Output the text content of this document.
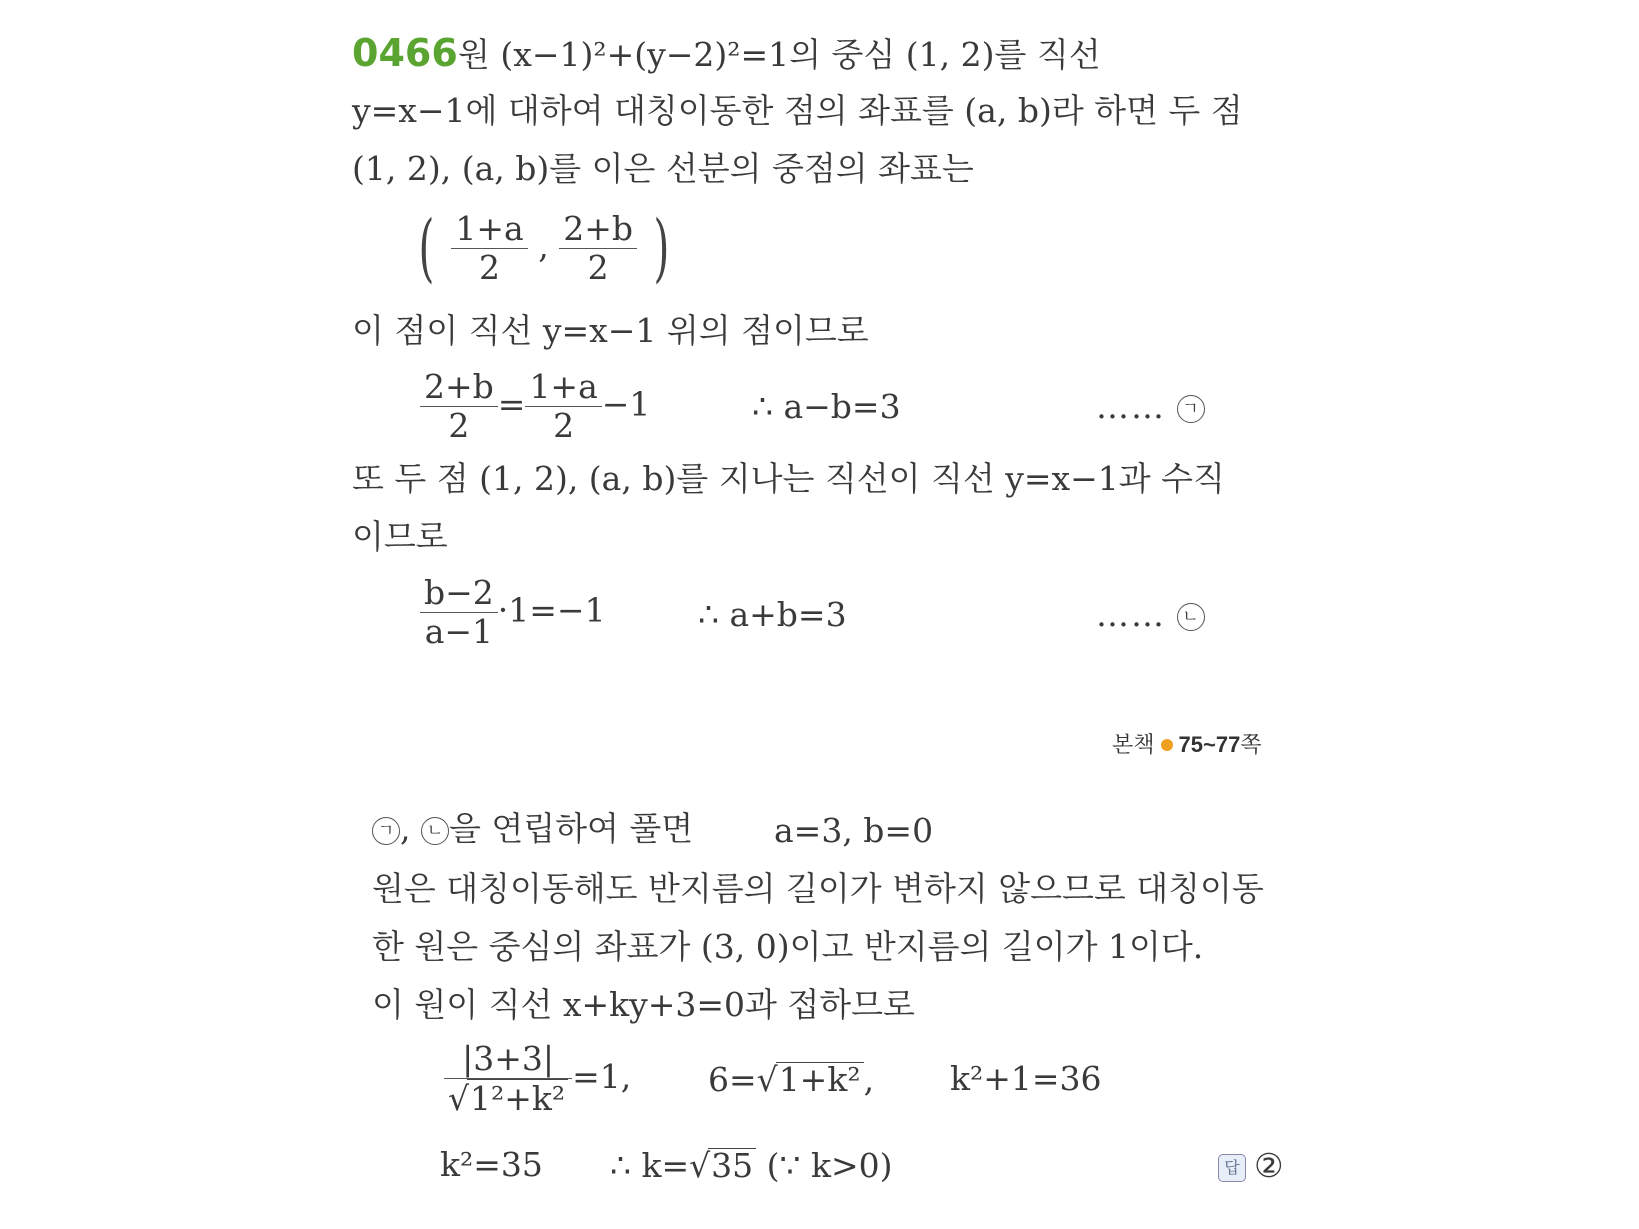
0466 원 (x−1)²+(y−2)²=1의 중심 (1, 2)를 직선
y=x−1에 대하여 대칭이동한 점의 좌표를 (a, b)라 하면 두 점
(1, 2), (a, b)를 이은 선분의 중점의 좌표는
( $\frac{1+a}{2}$ , $\frac{2+b}{2}$ )
이 점이 직선 y=x−1 위의 점이므로
$\frac{2+b}{2} = \frac{1+a}{2} -1$	∴ a−b=3	…… ㄱ
또 두 점 (1, 2), (a, b)를 지나는 직선이 직선 y=x−1과 수직
이므로
$\frac{b-2}{a-1} \cdot 1=-1$	∴ a+b=3	…… ㄴ
본책 75~77쪽
ㄱ , ㄴ 을 연립하여 풀면 a=3, b=0
원은 대칭이동해도 반지름의 길이가 변하지 않으므로 대칭이동
한 원은 중심의 좌표가 (3, 0)이고 반지름의 길이가 1이다.
이 원이 직선 x+ky+3=0과 접하므로
$\frac{|3+3|}{\text{√1²+k²}} =1$, 6=√1+k², k²+1=36
k²=35 ∴ k=√35 (∵ k>0)	답 ②
